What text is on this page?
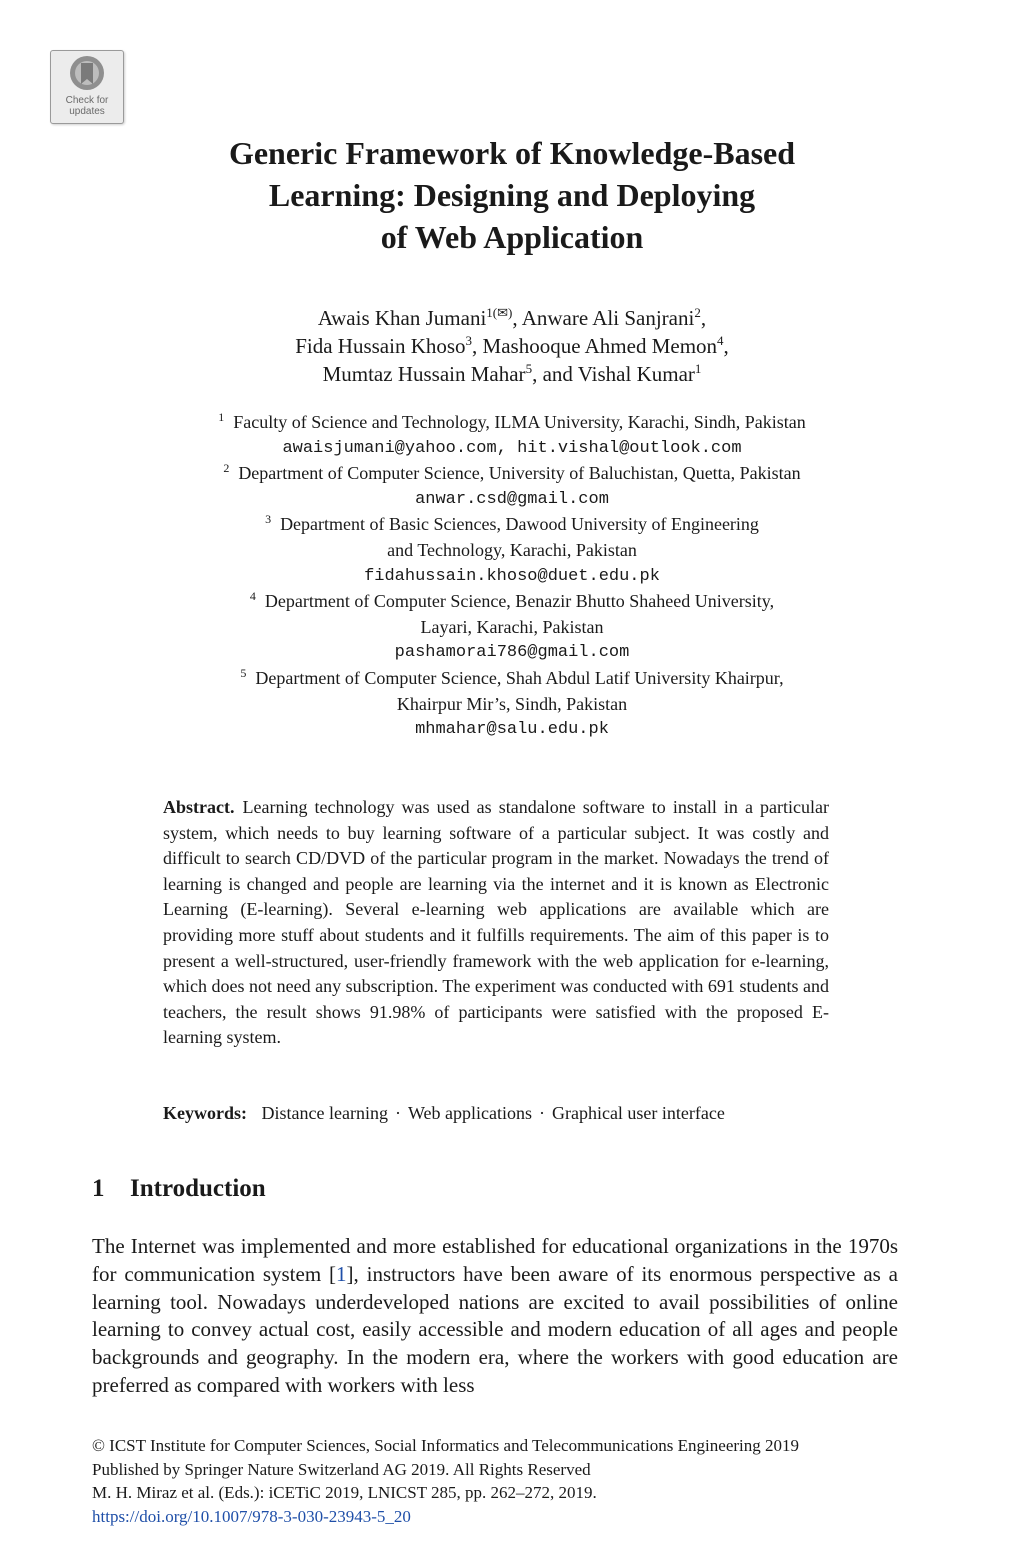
Check for
updates
Generic Framework of Knowledge-Based
Learning: Designing and Deploying
of Web Application
Awais Khan Jumani$^{1(✉)}$, Anware Ali Sanjrani$^2$,
Fida Hussain Khoso$^3$, Mashooque Ahmed Memon$^4$,
Mumtaz Hussain Mahar$^5$, and Vishal Kumar$^1$
$^1$ Faculty of Science and Technology, ILMA University, Karachi, Sindh, Pakistan
awaisjumani@yahoo.com, hit.vishal@outlook.com
$^2$ Department of Computer Science, University of Baluchistan, Quetta, Pakistan
anwar.csd@gmail.com
$^3$ Department of Basic Sciences, Dawood University of Engineering
and Technology, Karachi, Pakistan
fidahussain.khoso@duet.edu.pk
$^4$ Department of Computer Science, Benazir Bhutto Shaheed University,
Layari, Karachi, Pakistan
pashamorai786@gmail.com
$^5$ Department of Computer Science, Shah Abdul Latif University Khairpur,
Khairpur Mir’s, Sindh, Pakistan
mhmahar@salu.edu.pk

Abstract. Learning technology was used as standalone software to install in a particular system, which needs to buy learning software of a particular subject. It was costly and difficult to search CD/DVD of the particular program in the market. Nowadays the trend of learning is changed and people are learning via the internet and it is known as Electronic Learning (E-learning). Several e-learning web applications are available which are providing more stuff about students and it fulfills requirements. The aim of this paper is to present a well-structured, user-friendly framework with the web application for e-learning, which does not need any subscription. The experiment was conducted with 691 students and teachers, the result shows 91.98% of participants were satisfied with the proposed E-learning system.

Keywords: Distance learning · Web applications · Graphical user interface
1 Introduction

The Internet was implemented and more established for educational organizations in the 1970s for communication system [1], instructors have been aware of its enormous perspective as a learning tool. Nowadays underdeveloped nations are excited to avail possibilities of online learning to convey actual cost, easily accessible and modern education of all ages and people backgrounds and geography. In the modern era, where the workers with good education are preferred as compared with workers with less

© ICST Institute for Computer Sciences, Social Informatics and Telecommunications Engineering 2019
Published by Springer Nature Switzerland AG 2019. All Rights Reserved
M. H. Miraz et al. (Eds.): iCETiC 2019, LNICST 285, pp. 262–272, 2019.
https://doi.org/10.1007/978-3-030-23943-5_20
